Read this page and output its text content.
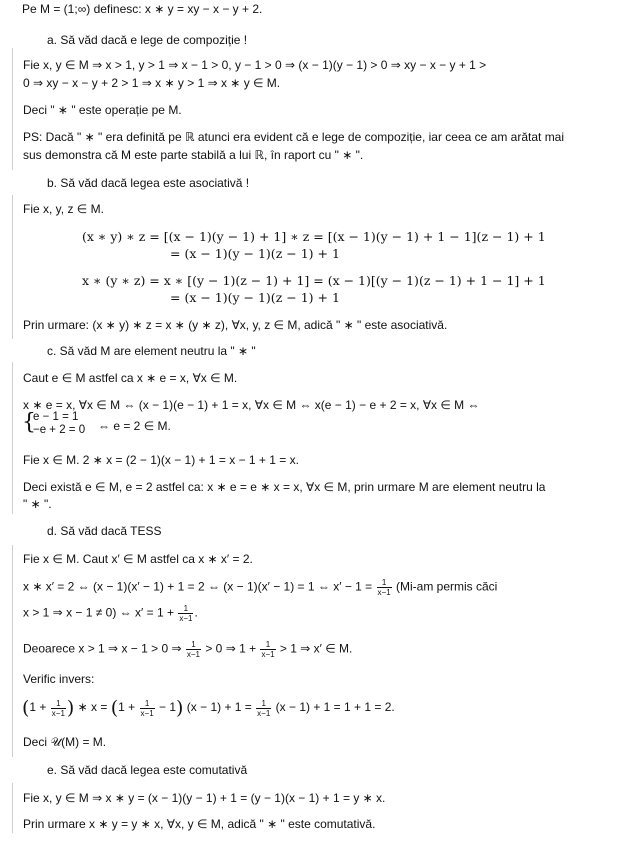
Pe M = (1;∞) definesc: x ∗ y = xy − x − y + 2.
a. Să văd dacă e lege de compoziție !
Fie x, y ∈ M ⇒ x > 1, y > 1 ⇒ x − 1 > 0, y − 1 > 0 ⇒ (x − 1)(y − 1) > 0 ⇒ xy − x − y + 1 >
0 ⇒ xy − x − y + 2 > 1 ⇒ x ∗ y > 1 ⇒ x ∗ y ∈ M.
Deci " ∗ " este operație pe M.
PS: Dacă " ∗ " era definită pe ℝ atunci era evident că e lege de compoziție, iar ceea ce am arătat mai
sus demonstra că M este parte stabilă a lui ℝ, în raport cu " ∗ ".
b. Să văd dacă legea este asociativă !
Fie x, y, z ∈ M.
(x ∗ y) ∗ z = [(x − 1)(y − 1) + 1] ∗ z = [(x − 1)(y − 1) + 1 − 1](z − 1) + 1
= (x − 1)(y − 1)(z − 1) + 1
x ∗ (y ∗ z) = x ∗ [(y − 1)(z − 1) + 1] = (x − 1)[(y − 1)(z − 1) + 1 − 1] + 1
= (x − 1)(y − 1)(z − 1) + 1
Prin urmare: (x ∗ y) ∗ z = x ∗ (y ∗ z), ∀x, y, z ∈ M, adică " ∗ " este asociativă.
c. Să văd M are element neutru la " ∗ "
Caut e ∈ M astfel ca x ∗ e = x, ∀x ∈ M.
x ∗ e = x, ∀x ∈ M ⇔ (x − 1)(e − 1) + 1 = x, ∀x ∈ M ⇔ x(e − 1) − e + 2 = x, ∀x ∈ M ⇔
{
e − 1 = 1
−e + 2 = 0 ⇔ e = 2 ∈ M.
Fie x ∈ M. 2 ∗ x = (2 − 1)(x − 1) + 1 = x − 1 + 1 = x.
Deci există e ∈ M, e = 2 astfel ca: x ∗ e = e ∗ x = x, ∀x ∈ M, prin urmare M are element neutru la
" ∗ ".
d. Să văd dacă TESS
Fie x ∈ M. Caut x′ ∈ M astfel ca x ∗ x′ = 2.
x ∗ x′ = 2 ⇔ (x − 1)(x′ − 1) + 1 = 2 ⇔ (x − 1)(x′ − 1) = 1 ⇔ $x' - 1 = \frac{1}{x-1} (Mi-am$ permis căci
x > 1 ⇒ x − 1 ≠ 0) ⇔ $x' = 1 + \frac{1}{x-1}$ .
Deoarece x > 1 ⇒ x − 1 > 0 ⇒ $\frac{1}{x-1} > 0$ ⇒ $1 + \frac{1}{x-1} > 1$ ⇒ x′ ∈ M.
Verific invers:
($1 + \frac{1}{x-1}$ ) ∗ $x = (1 + \frac{1}{x-1} - 1)$ $(x - 1) + 1 = \frac{1}{x-1} (x - 1) + 1 = 1 + 1 = 2$.
Deci 𝒰(M) = M.
e. Să văd dacă legea este comutativă
Fie x, y ∈ M ⇒ x ∗ y = (x − 1)(y − 1) + 1 = (y − 1)(x − 1) + 1 = y ∗ x.
Prin urmare x ∗ y = y ∗ x, ∀x, y ∈ M, adică " ∗ " este comutativă.
